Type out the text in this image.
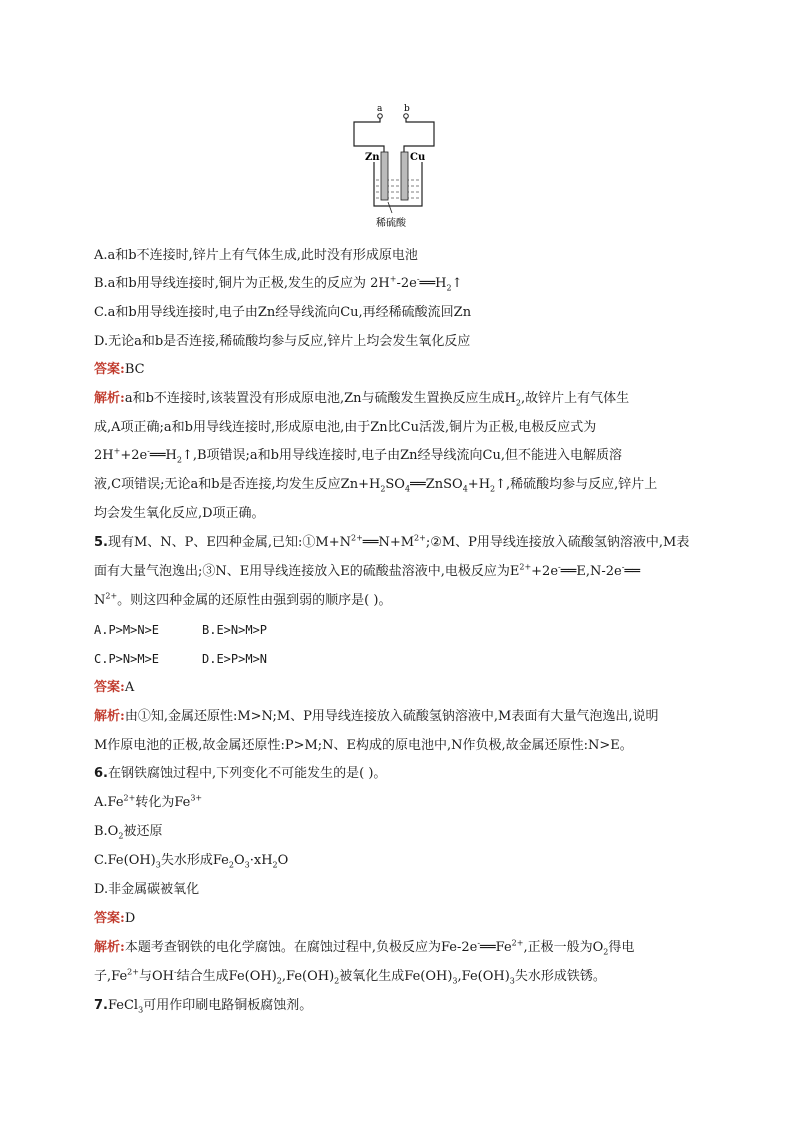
a b
Zn	Cu
稀硫酸
A.a和b不连接时,锌片上有气体生成,此时没有形成原电池
B.a和b用导线连接时,铜片为正极,发生的反应为 $2H^+-2e^-══H_2↑$
C.a和b用导线连接时,电子由Zn经导线流向Cu,再经稀硫酸流回Zn
D.无论a和b是否连接,稀硫酸均参与反应,锌片上均会发生氧化反应
答案:BC
解析:a和b不连接时,该装置没有形成原电池,Zn与硫酸发生置换反应生成$H_2$,故锌片上有气体生
成,A项正确;a和b用导线连接时,形成原电池,由于Zn比Cu活泼,铜片为正极,电极反应式为
$2H^++2e^-══H_2↑,B$项错误;a和b用导线连接时,电子由Zn经导线流向Cu,但不能进入电解质溶
液,C项错误;无论a和b是否连接,均发生反应$Zn+H_2SO_4══ZnSO_4+H_2↑$,稀硫酸均参与反应,锌片上
均会发生氧化反应,D项正确。
5.现有M、N、P、E四种金属,已知$:①M+N^{2+}══N+M^{2+};②M$、P用导线连接放入硫酸氢钠溶液中,M表
面有大量气泡逸出;③N、E用导线连接放入E的硫酸盐溶液中,电极反应为$E^{2+}+2e^-══E,N-2e^-══$
$N^{2+}$。则这四种金属的还原性由强到弱的顺序是( )。
A.P>M>N>E	B.E>N>M>P
C.P>N>M>E	D.E>P>M>N
答案:A
解析:由①知,金属还原性:M>N;M、P用导线连接放入硫酸氢钠溶液中,M表面有大量气泡逸出,说明
M作原电池的正极,故金属还原性:P>M;N、E构成的原电池中,N作负极,故金属还原性:N>E。
6.在钢铁腐蚀过程中,下列变化不可能发生的是( )。
$A.Fe^{2+}$转化为$Fe^{3+}$
$B.O_2$被还原
$C.Fe(OH)_3$失水形成$Fe_2O_3\cdot xH_2O$
D.非金属碳被氧化
答案:D
解析:本题考查钢铁的电化学腐蚀。在腐蚀过程中,负极反应为$Fe-2e^-══Fe^{2+}$,正极一般为$O_2$得电
子$,Fe^{2+}$与OH-结合生成$Fe(OH)_2,Fe(OH)_2$被氧化生成$Fe(OH)_3,Fe(OH)_3$失水形成铁锈。
7.FeCl$_3$可用作印刷电路铜板腐蚀剂。
